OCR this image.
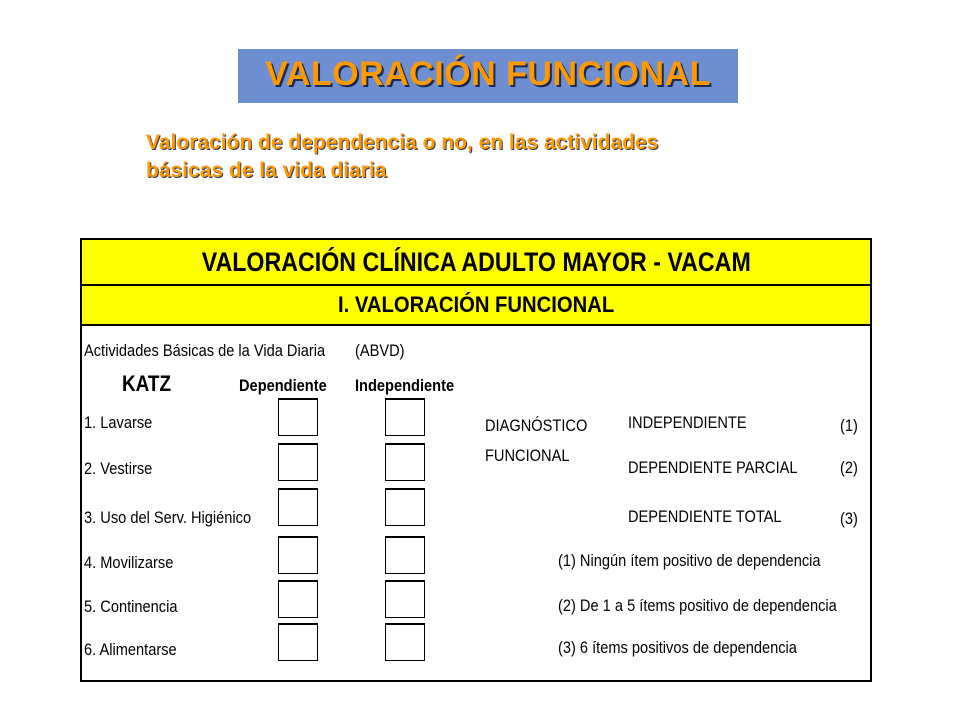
VALORACIÓN FUNCIONAL
Valoración de dependencia o no, en las actividades
básicas de la vida diaria
VALORACIÓN CLÍNICA ADULTO MAYOR - VACAM
I. VALORACIÓN FUNCIONAL
Actividades Básicas de la Vida Diaria (ABVD)
KATZ	Dependiente Independiente
1. Lavarse
2. Vestirse
3. Uso del Serv. Higiénico
4. Movilizarse
5. Continencia
6. Alimentarse
DIAGNÓSTICO
FUNCIONAL
INDEPENDIENTE	(1)
DEPENDIENTE PARCIAL (2)
DEPENDIENTE TOTAL	(3)
(1) Ningún ítem positivo de dependencia
(2) De 1 a 5 ítems positivo de dependencia
(3) 6 ítems positivos de dependencia
